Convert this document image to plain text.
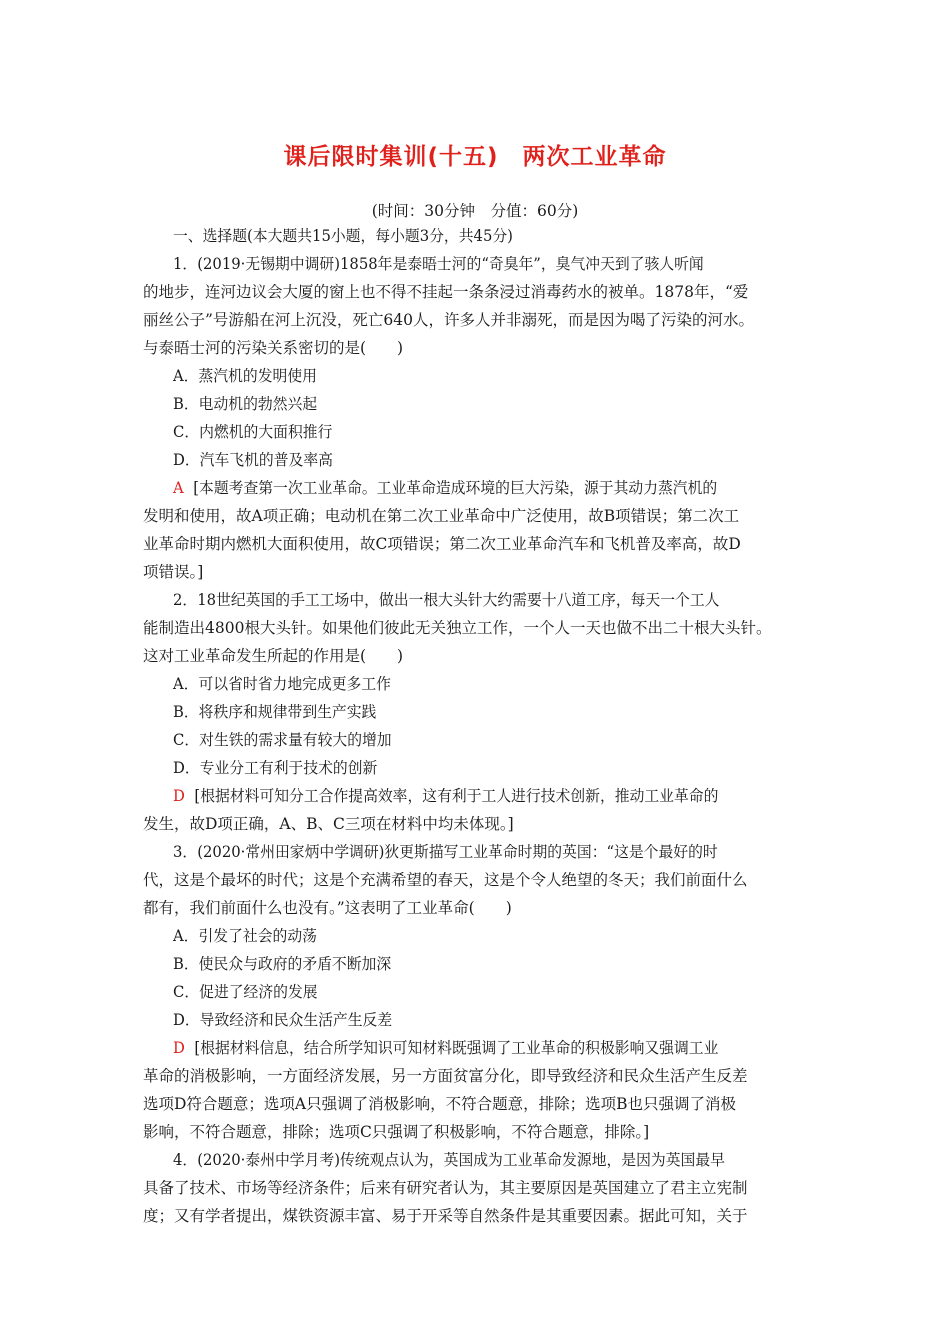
课后限时集训(十五)　两次工业革命
(时间：30分钟　分值：60分)
一、选择题(本大题共15小题，每小题3分，共45分)
1．(2019·无锡期中调研)1858年是泰晤士河的“奇臭年”，臭气冲天到了骇人听闻
的地步，连河边议会大厦的窗上也不得不挂起一条条浸过消毒药水的被单。1878年，“爱
丽丝公子”号游船在河上沉没，死亡640人，许多人并非溺死，而是因为喝了污染的河水。
与泰晤士河的污染关系密切的是(　　)
A．蒸汽机的发明使用
B．电动机的勃然兴起
C．内燃机的大面积推行
D．汽车飞机的普及率高
A [本题考查第一次工业革命。工业革命造成环境的巨大污染，源于其动力蒸汽机的
发明和使用，故A项正确；电动机在第二次工业革命中广泛使用，故B项错误；第二次工
业革命时期内燃机大面积使用，故C项错误；第二次工业革命汽车和飞机普及率高，故D
项错误。]
2．18世纪英国的手工工场中，做出一根大头针大约需要十八道工序，每天一个工人
能制造出4800根大头针。如果他们彼此无关独立工作，一个人一天也做不出二十根大头针。
这对工业革命发生所起的作用是(　　)
A．可以省时省力地完成更多工作
B．将秩序和规律带到生产实践
C．对生铁的需求量有较大的增加
D．专业分工有利于技术的创新
D [根据材料可知分工合作提高效率，这有利于工人进行技术创新，推动工业革命的
发生，故D项正确，A、B、C三项在材料中均未体现。]
3．(2020·常州田家炳中学调研)狄更斯描写工业革命时期的英国：“这是个最好的时
代，这是个最坏的时代；这是个充满希望的春天，这是个令人绝望的冬天；我们前面什么
都有，我们前面什么也没有。”这表明了工业革命(　　)
A．引发了社会的动荡
B．使民众与政府的矛盾不断加深
C．促进了经济的发展
D．导致经济和民众生活产生反差
D [根据材料信息，结合所学知识可知材料既强调了工业革命的积极影响又强调工业
革命的消极影响，一方面经济发展，另一方面贫富分化，即导致经济和民众生活产生反差
选项D符合题意；选项A只强调了消极影响，不符合题意，排除；选项B也只强调了消极
影响，不符合题意，排除；选项C只强调了积极影响，不符合题意，排除。]
4．(2020·泰州中学月考)传统观点认为，英国成为工业革命发源地，是因为英国最早
具备了技术、市场等经济条件；后来有研究者认为，其主要原因是英国建立了君主立宪制
度；又有学者提出，煤铁资源丰富、易于开采等自然条件是其重要因素。据此可知，关于
